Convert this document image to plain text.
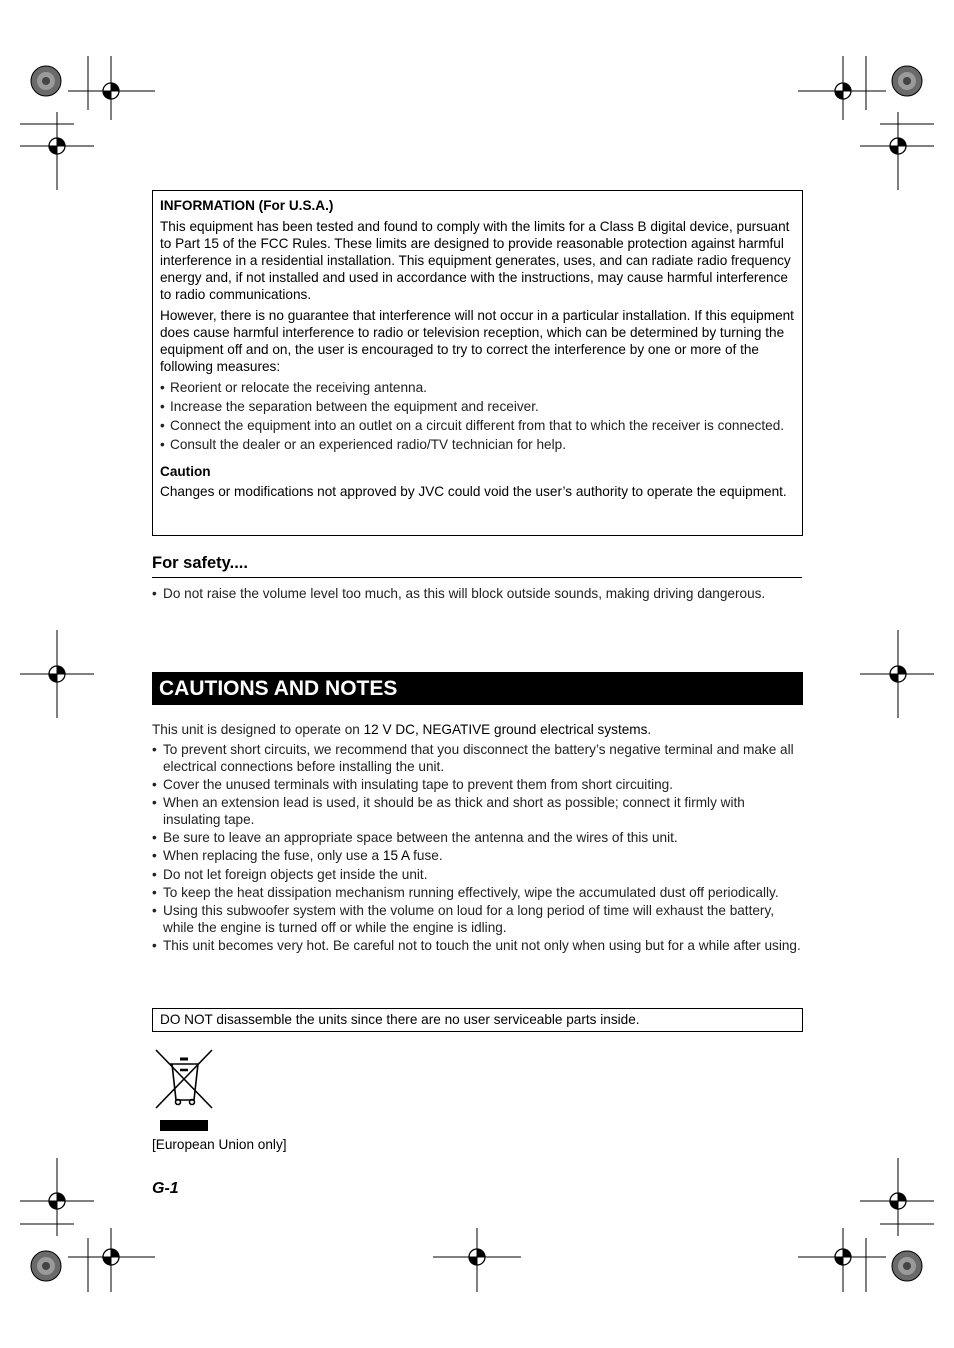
INFORMATION (For U.S.A.)

This equipment has been tested and found to comply with the limits for a Class B digital device, pursuant to Part 15 of the FCC Rules. These limits are designed to provide reasonable protection against harmful interference in a residential installation. This equipment generates, uses, and can radiate radio frequency energy and, if not installed and used in accordance with the instructions, may cause harmful interference to radio communications.

However, there is no guarantee that interference will not occur in a particular installation. If this equipment does cause harmful interference to radio or television reception, which can be determined by turning the equipment off and on, the user is encouraged to try to correct the interference by one or more of the following measures:

• Reorient or relocate the receiving antenna.
• Increase the separation between the equipment and receiver.
• Connect the equipment into an outlet on a circuit different from that to which the receiver is connected.
• Consult the dealer or an experienced radio/TV technician for help.
Caution

Changes or modifications not approved by JVC could void the user’s authority to operate the equipment.

For safety....
• Do not raise the volume level too much, as this will block outside sounds, making driving dangerous.
CAUTIONS AND NOTES
This unit is designed to operate on 12 V DC, NEGATIVE ground electrical systems.
• To prevent short circuits, we recommend that you disconnect the battery’s negative terminal and make all electrical connections before installing the unit.
• Cover the unused terminals with insulating tape to prevent them from short circuiting.
• When an extension lead is used, it should be as thick and short as possible; connect it firmly with insulating tape.
• Be sure to leave an appropriate space between the antenna and the wires of this unit.
• When replacing the fuse, only use a 15 A fuse.
• Do not let foreign objects get inside the unit.
• To keep the heat dissipation mechanism running effectively, wipe the accumulated dust off periodically.
• Using this subwoofer system with the volume on loud for a long period of time will exhaust the battery, while the engine is turned off or while the engine is idling.
• This unit becomes very hot. Be careful not to touch the unit not only when using but for a while after using.
DO NOT disassemble the units since there are no user serviceable parts inside.
[European Union only]
G-1
